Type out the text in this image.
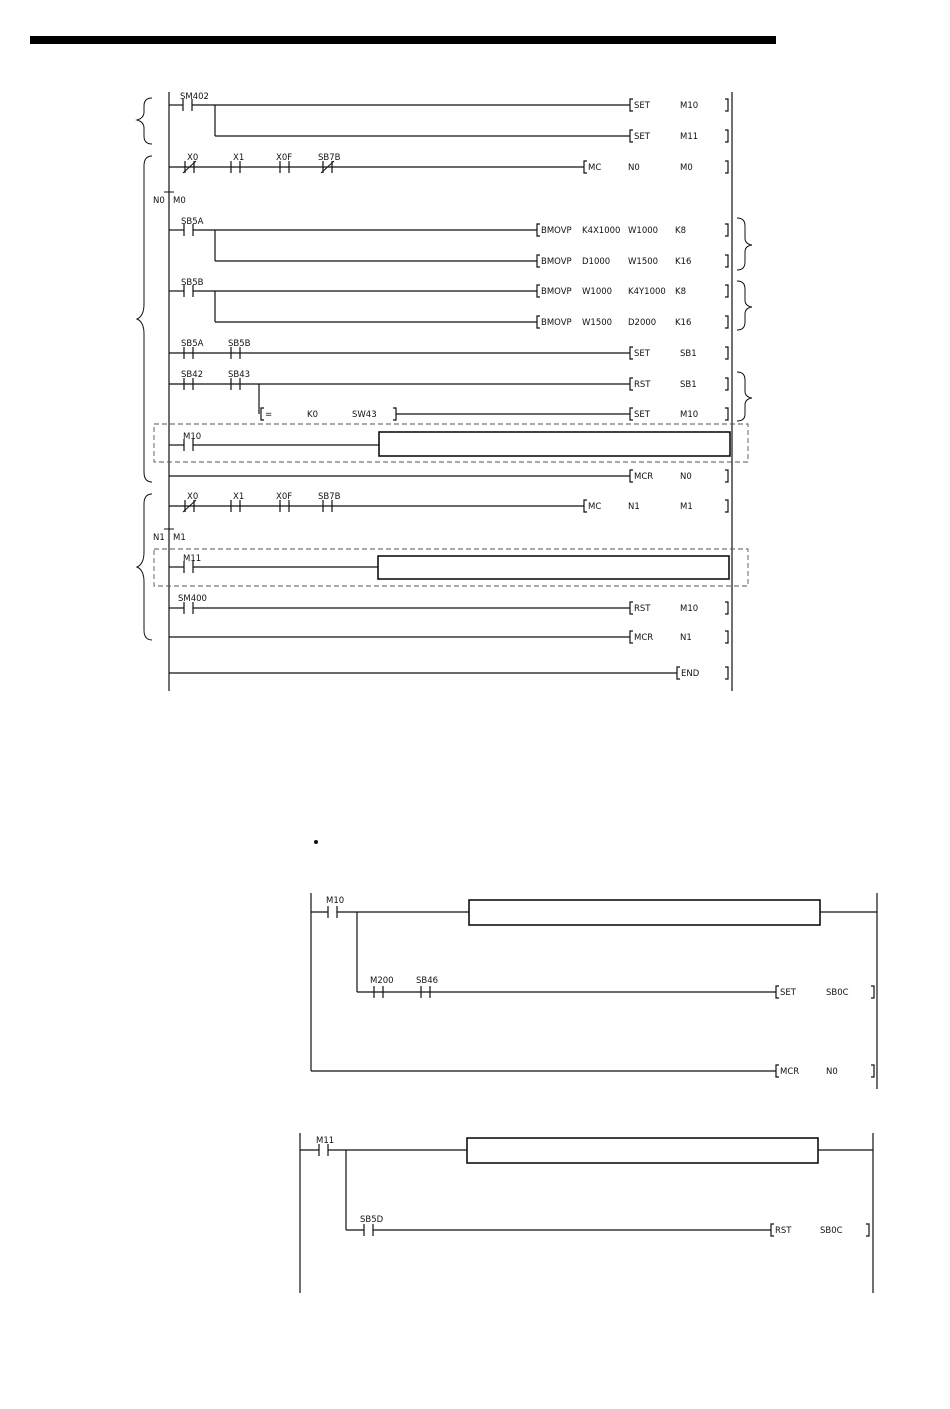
SM402
SET	M10
SET	M11
X0	X1	X0F	SB7B
MC	N0	M0
N0 M0
SB5A
BMOVP K4X1000 W1000 K8
BMOVP D1000 W1500 K16
SB5B
BMOVP W1000 K4Y1000 K8
BMOVP W1500 D2000 K16
SB5A	SB5B
SET	SB1
SB42	SB43
RST	SB1
=	K0	SW43	SET	M10
M10
MCR	N0
X0	X1	X0F	SB7B
MC	N1	M1
N1 M1
M11
SM400
RST	M10
MCR	N1
END
M10
M200	SB46
SET	SB0C
MCR	N0
M11
SB5D
RST	SB0C
